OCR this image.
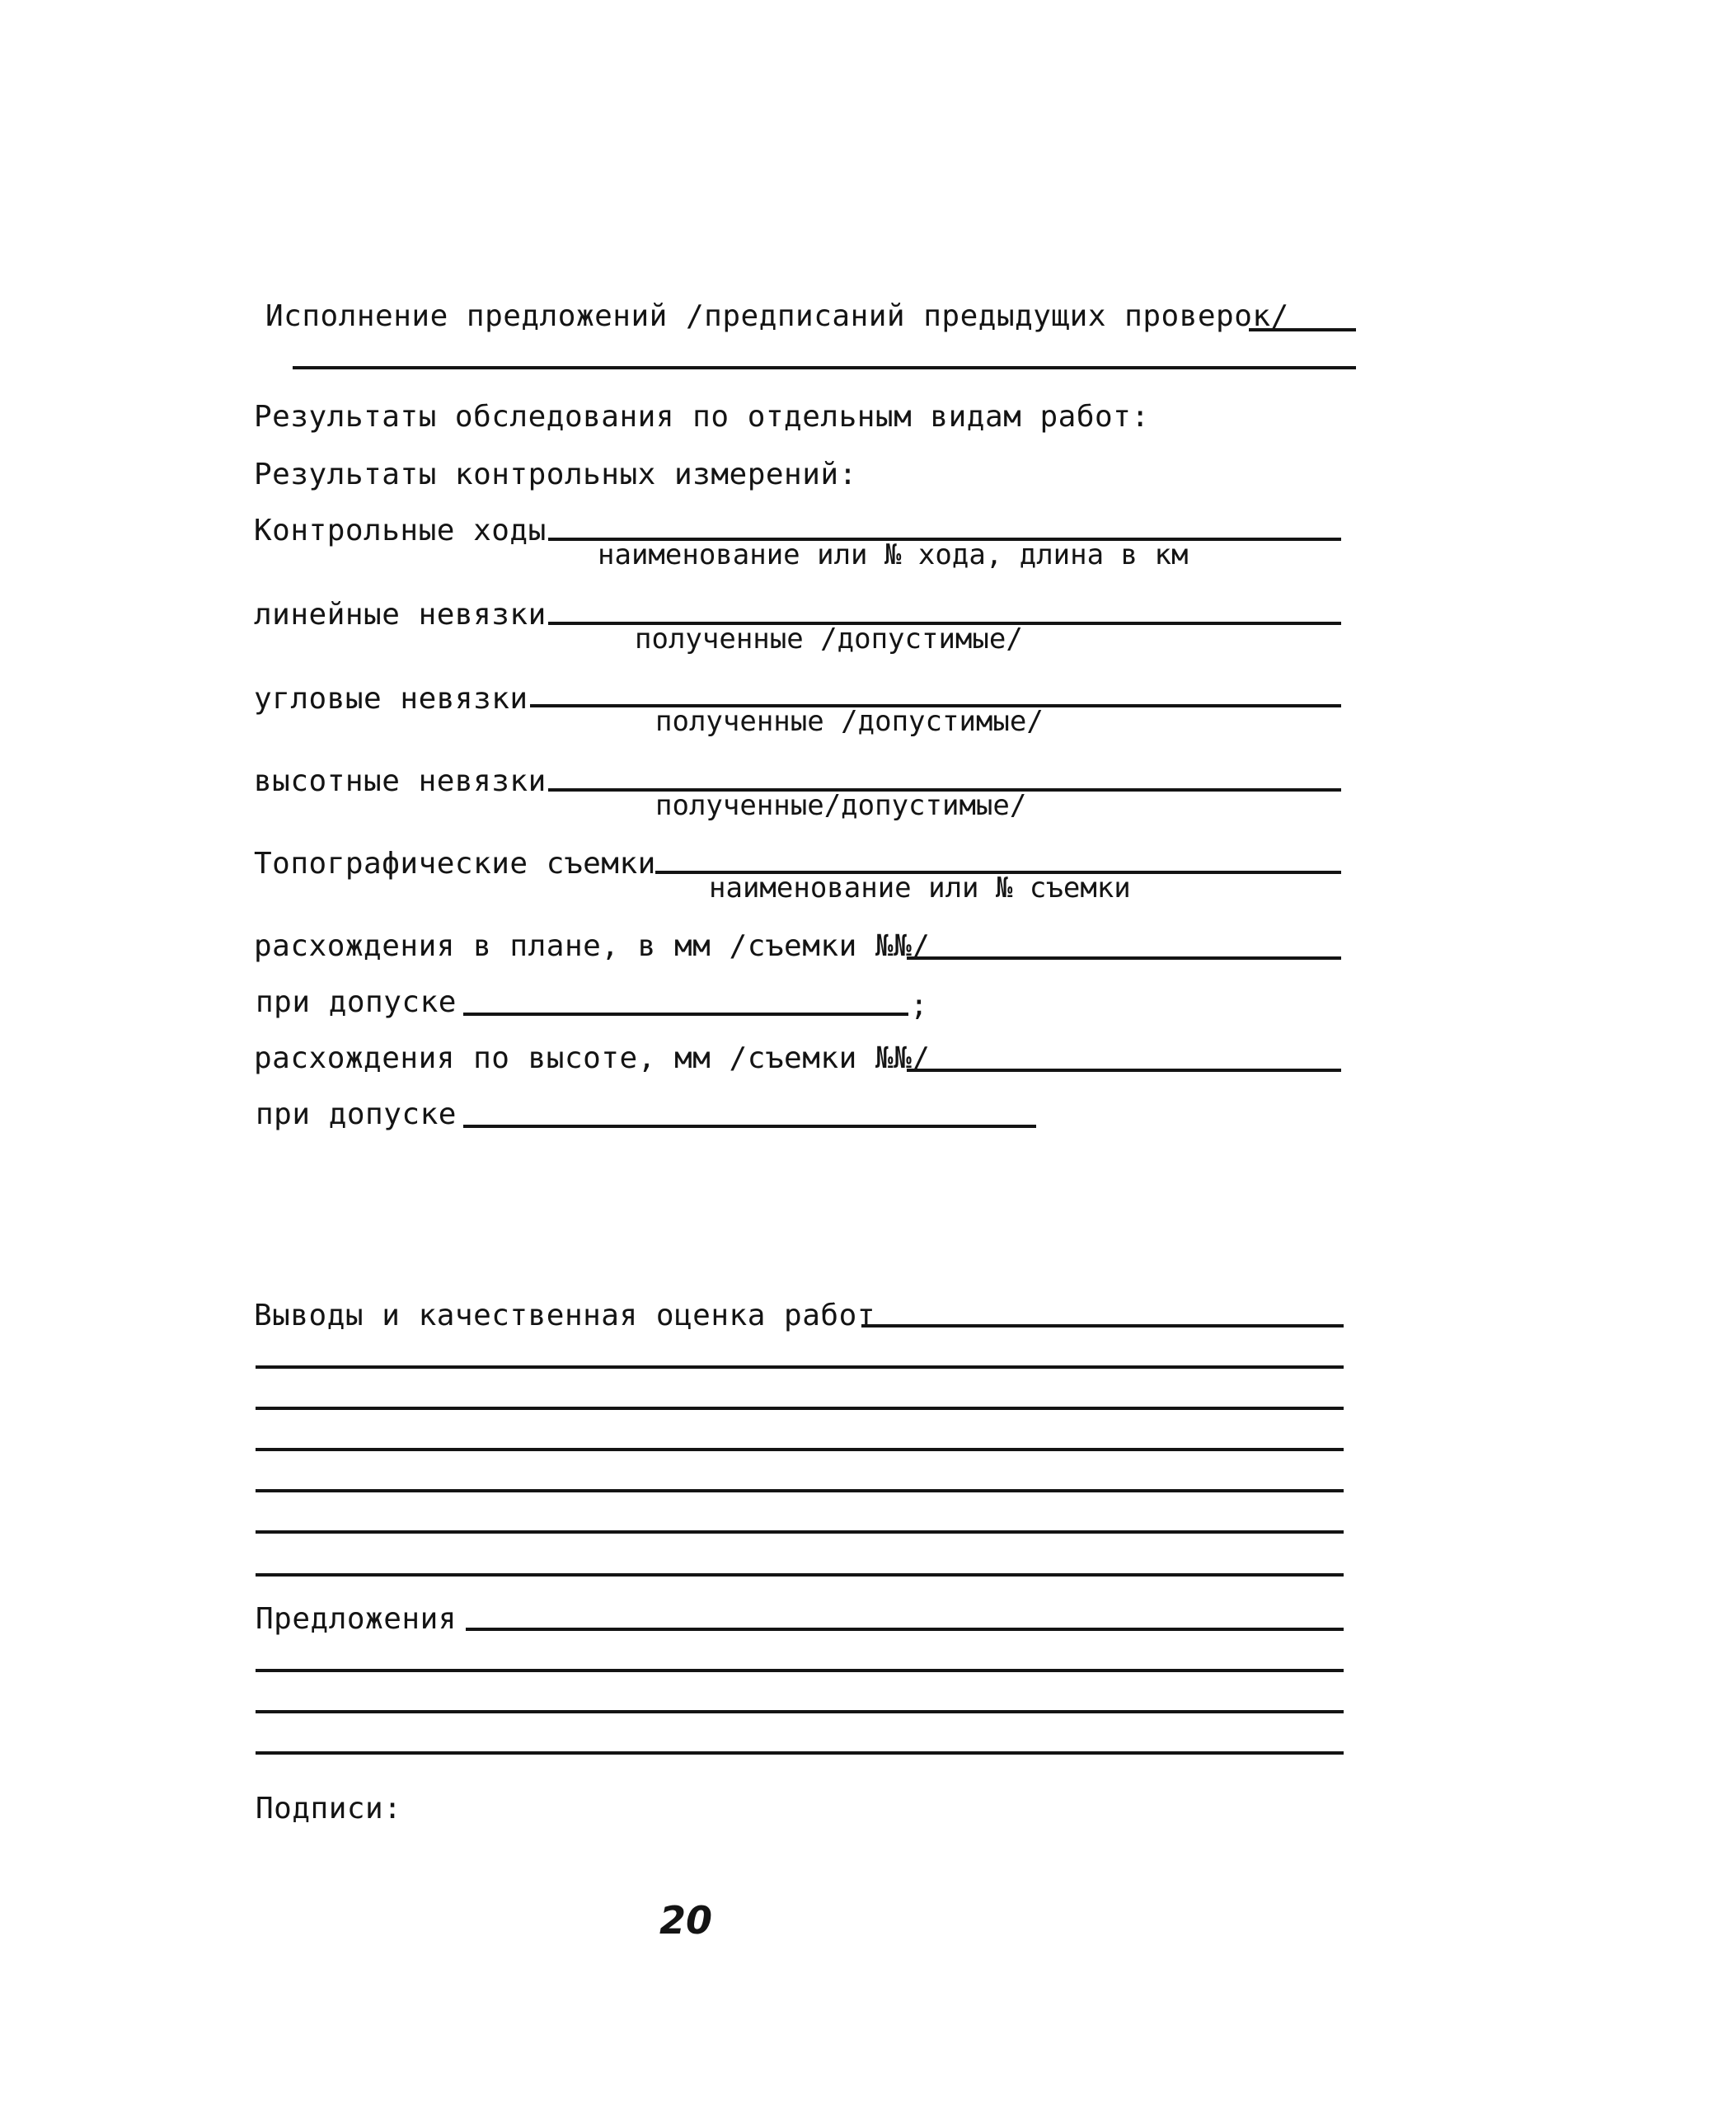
Исполнение предложений /предписаний предыдущих проверок/
Результаты обследования по отдельным видам работ:
Результаты контрольных измерений:
Контрольные ходы
наименование или № хода, длина в км
линейные невязки
полученные /допустимые/
угловые невязки
полученные /допустимые/
высотные невязки
полученные/допустимые/
Топографические съемки
наименование или № съемки
расхождения в плане, в мм /съемки №№/
при допуске	;
расхождения по высоте, мм /съемки №№/
при допуске
Выводы и качественная оценка работ
Предложения
Подписи:
20
